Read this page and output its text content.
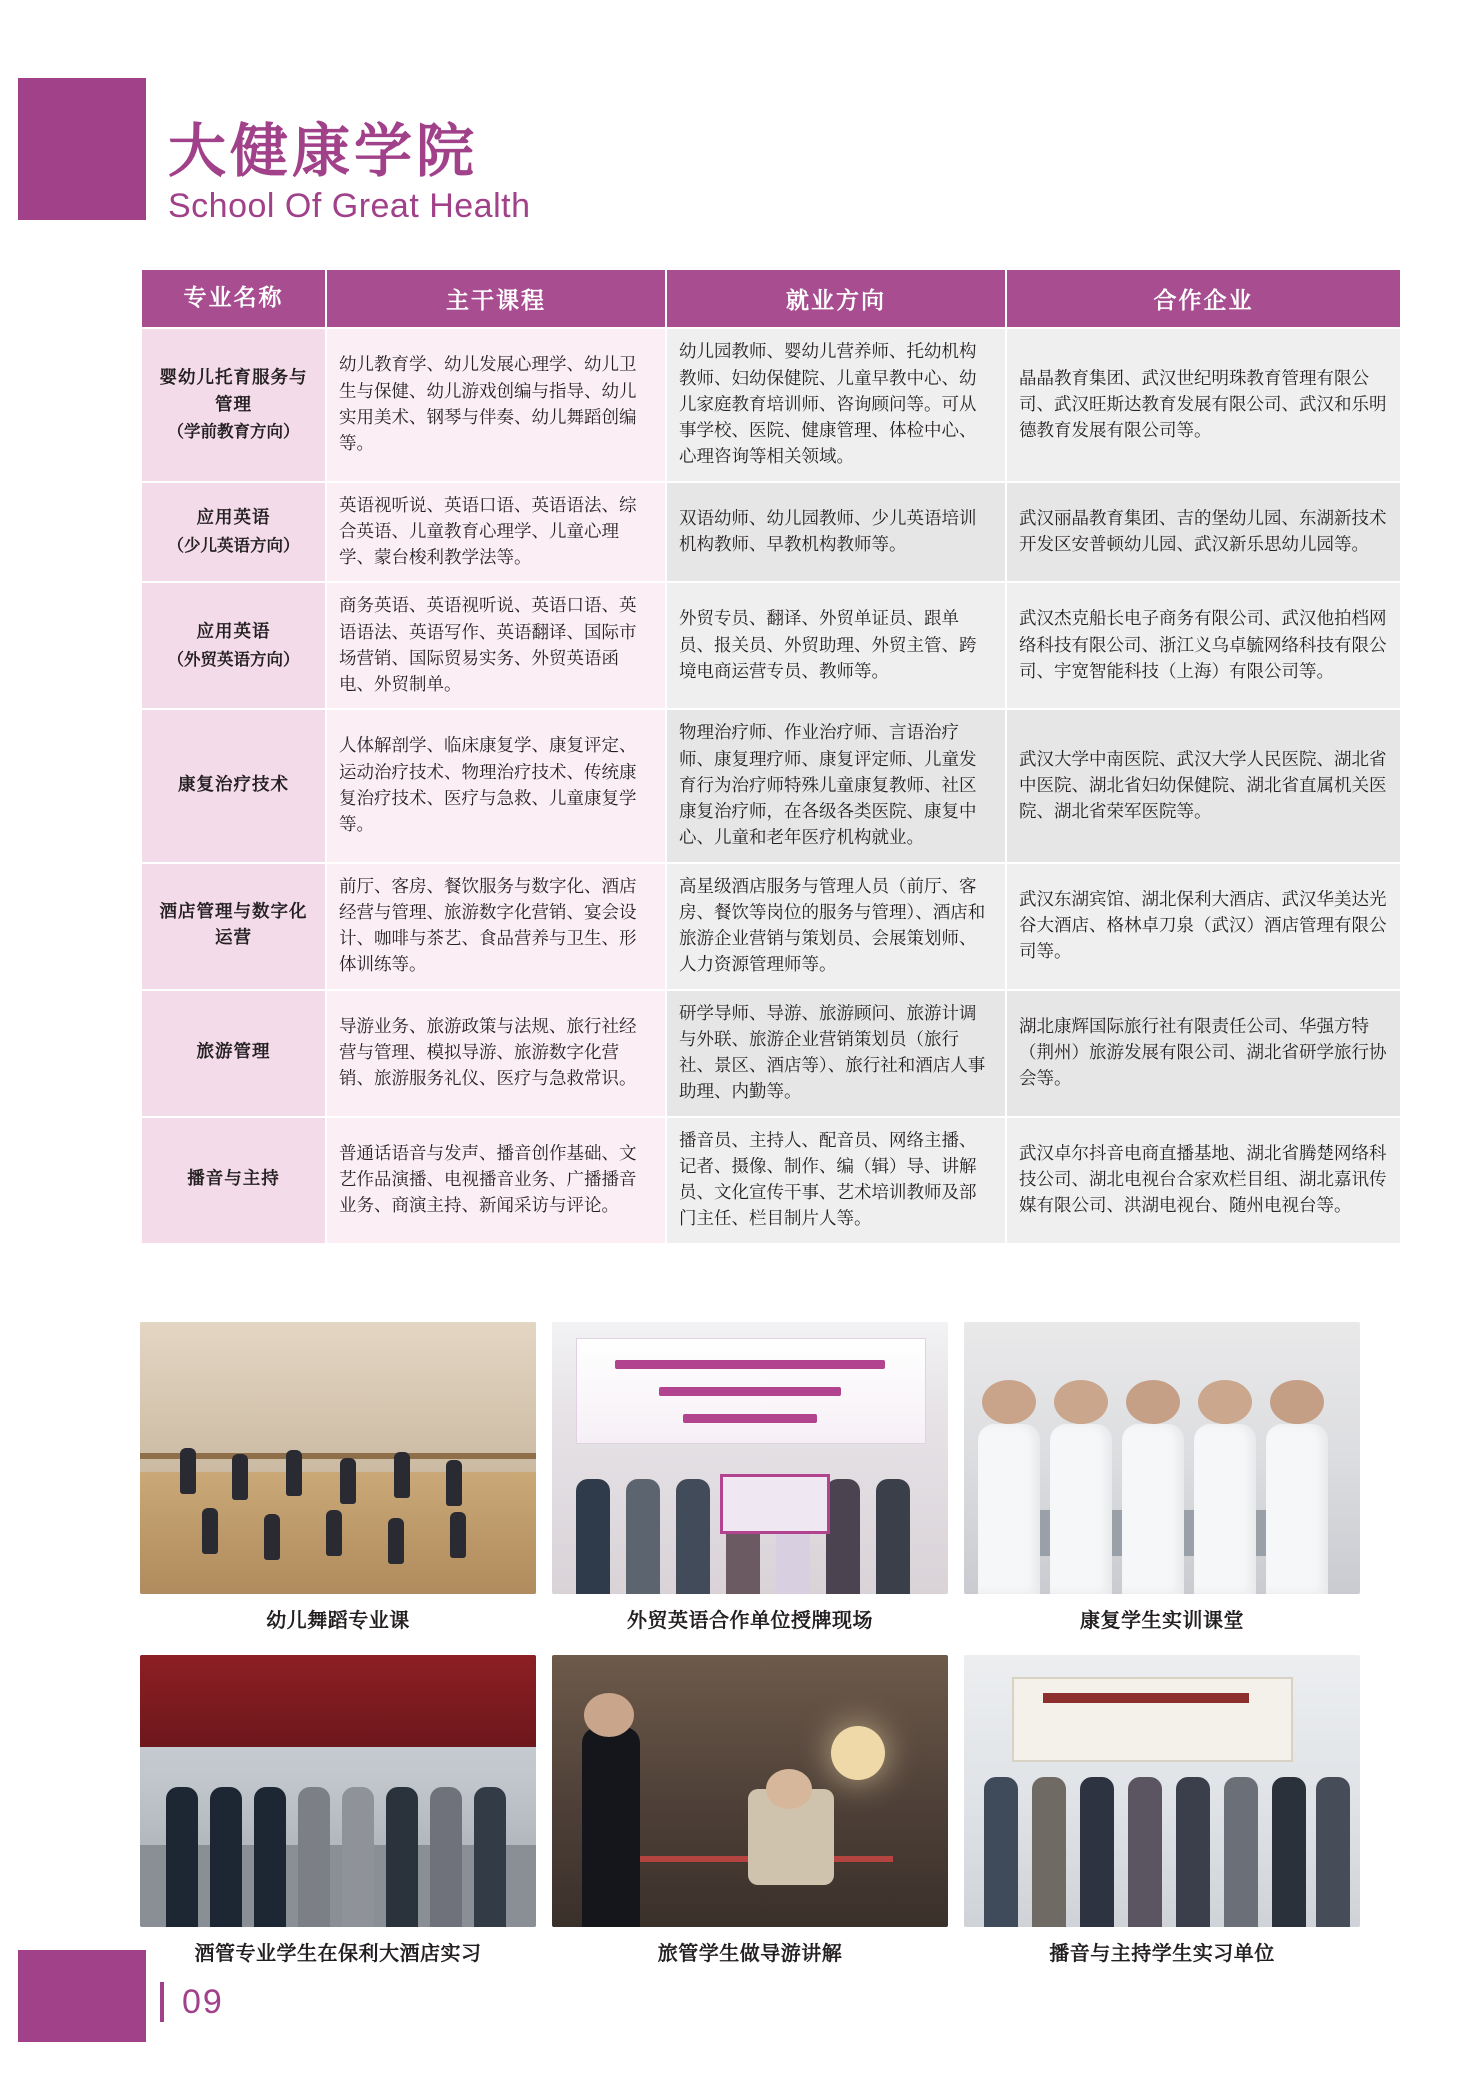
大健康学院
School Of Great Health
专业名称	主干课程	就业方向	合作企业
婴幼儿托育服务与管理
（学前教育方向）	幼儿教育学、幼儿发展心理学、幼儿卫生与保健、幼儿游戏创编与指导、幼儿实用美术、钢琴与伴奏、幼儿舞蹈创编等。	幼儿园教师、婴幼儿营养师、托幼机构教师、妇幼保健院、儿童早教中心、幼儿家庭教育培训师、咨询顾问等。可从事学校、医院、健康管理、体检中心、心理咨询等相关领域。	晶晶教育集团、武汉世纪明珠教育管理有限公司、武汉旺斯达教育发展有限公司、武汉和乐明德教育发展有限公司等。
应用英语
（少儿英语方向）	英语视听说、英语口语、英语语法、综合英语、儿童教育心理学、儿童心理学、蒙台梭利教学法等。	双语幼师、幼儿园教师、少儿英语培训机构教师、早教机构教师等。	武汉丽晶教育集团、吉的堡幼儿园、东湖新技术开发区安普顿幼儿园、武汉新乐思幼儿园等。
应用英语
（外贸英语方向）	商务英语、英语视听说、英语口语、英语语法、英语写作、英语翻译、国际市场营销、国际贸易实务、外贸英语函电、外贸制单。	外贸专员、翻译、外贸单证员、跟单员、报关员、外贸助理、外贸主管、跨境电商运营专员、教师等。	武汉杰克船长电子商务有限公司、武汉他拍档网络科技有限公司、浙江义乌卓毓网络科技有限公司、宇宽智能科技（上海）有限公司等。
康复治疗技术	人体解剖学、临床康复学、康复评定、运动治疗技术、物理治疗技术、传统康复治疗技术、医疗与急救、儿童康复学等。	物理治疗师、作业治疗师、言语治疗师、康复理疗师、康复评定师、儿童发育行为治疗师特殊儿童康复教师、社区康复治疗师，在各级各类医院、康复中心、儿童和老年医疗机构就业。	武汉大学中南医院、武汉大学人民医院、湖北省中医院、湖北省妇幼保健院、湖北省直属机关医院、湖北省荣军医院等。
酒店管理与数字化运营	前厅、客房、餐饮服务与数字化、酒店经营与管理、旅游数字化营销、宴会设计、咖啡与茶艺、食品营养与卫生、形体训练等。	高星级酒店服务与管理人员（前厅、客房、餐饮等岗位的服务与管理）、酒店和旅游企业营销与策划员、会展策划师、人力资源管理师等。	武汉东湖宾馆、湖北保利大酒店、武汉华美达光谷大酒店、格林卓刀泉（武汉）酒店管理有限公司等。
旅游管理	导游业务、旅游政策与法规、旅行社经营与管理、模拟导游、旅游数字化营销、旅游服务礼仪、医疗与急救常识。	研学导师、导游、旅游顾问、旅游计调与外联、旅游企业营销策划员（旅行社、景区、酒店等）、旅行社和酒店人事助理、内勤等。	湖北康辉国际旅行社有限责任公司、华强方特（荆州）旅游发展有限公司、湖北省研学旅行协会等。
播音与主持	普通话语音与发声、播音创作基础、文艺作品演播、电视播音业务、广播播音业务、商演主持、新闻采访与评论。	播音员、主持人、配音员、网络主播、记者、摄像、制作、编（辑）导、讲解员、文化宣传干事、艺术培训教师及部门主任、栏目制片人等。	武汉卓尔抖音电商直播基地、湖北省腾楚网络科技公司、湖北电视台合家欢栏目组、湖北嘉讯传媒有限公司、洪湖电视台、随州电视台等。
幼儿舞蹈专业课	外贸英语合作单位授牌现场	康复学生实训课堂
酒管专业学生在保利大酒店实习	旅管学生做导游讲解	播音与主持学生实习单位
09
